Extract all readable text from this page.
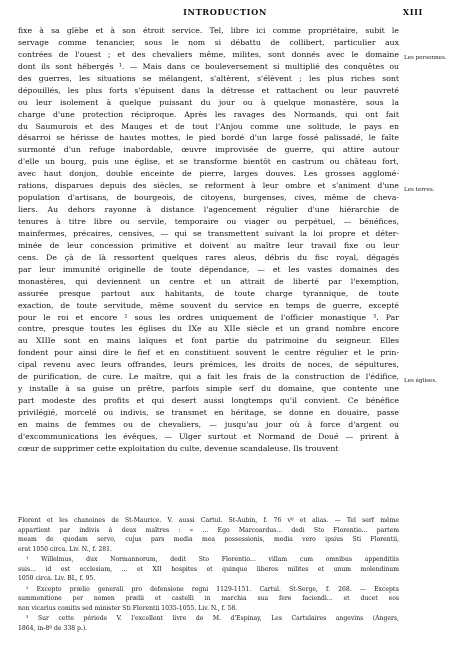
INTRODUCTION	XIII
fixe à sa glèbe et à son étroit service. Tel, libre ici comme propriétaire, subit le
servage comme tenancier, sous le nom si débattu de collibert, particulier aux
contrées de l'ouest ; et des chevaliers même, milites, sont donnés avec le domaine
dont ils sont hébergés ¹. — Mais dans ce bouleversement si multiplié des conquêtes ou
des guerres, les situations se mélangent, s'altèrent, s'élèvent ; les plus riches sont
dépouillés, les plus forts s'épuisent dans la détresse et rattachent ou leur pauvreté
ou leur isolement à quelque puissant du jour ou à quelque monastère, sous la
charge d'une protection réciproque. Après les ravages des Normands, qui ont fait
du Saumurois et des Mauges et de tout l'Anjou comme une solitude, le pays en
désarroi se hérisse de hautes mottes, le pied bordé d'un large fossé palissadé, le faîte
surmonté d'un refuge inabordable, œuvre improvisée de guerre, qui attire autour
d'elle un bourg, puis une église, et se transforme bientôt en castrum ou château fort,
avec haut donjon, double enceinte de pierre, larges douves. Les grosses agglomé-
rations, disparues depuis des siècles, se reforment à leur ombre et s'animent d'une
population d'artisans, de bourgeois, de citoyens, burgenses, cives, même de cheva-
liers. Au dehors rayonne à distance l'agencement régulier d'une hiérarchie de
tenures à titre libre ou servile, temporaire ou viager ou perpétuel, — bénéfices,
mainfermes, précaires, censives, — qui se transmettent suivant la loi propre et déter-
minée de leur concession primitive et doivent au maître leur travail fixe ou leur
cens. De çà de là ressortent quelques rares aleus, débris du fisc royal, dégagés
par leur immunité originelle de toute dépendance, — et les vastes domaines des
monastères, qui deviennent un centre et un attrait de liberté par l'exemption,
assurée presque partout aux habitants, de toute charge tyrannique, de toute
exaction, de toute servitude, même souvent du service en temps de guerre, excepté
pour le roi et encore ² sous les ordres uniquement de l'officier monastique ³. Par
contre, presque toutes les églises du IXe au XIIe siècle et un grand nombre encore
au XIIIe sont en mains laïques et font partie du patrimoine du seigneur. Elles
fondent pour ainsi dire le fief et en constituent souvent le centre régulier et le prin-
cipal revenu avec leurs offrandes, leurs prémices, les droits de noces, de sépultures,
de purification, de cure. Le maître, qui a fait les frais de la construction de l'édifice,
y installe à sa guise un prêtre, parfois simple serf du domaine, que contente une
part modeste des profits et qui desert aussi longtemps qu'il convient. Ce bénéfice
privilégié, morcelé ou indivis, se transmet en héritage, se donne en douaire, passe
en mains de femmes ou de chevaliers, — jusqu'au jour où à force d'argent ou
d'excommunications les évêques, — Ulger surtout et Normand de Doué — prirent à
cœur de supprimer cette exploitation du culte, devenue scandaleuse. Ils trouvent
Les personnes.
Les terres.
Les églises.
Florent et les chanoines de St-Maurice. V. aussi Cartul. St-Aubin, f. 76 vº et alias. — Tel serf même
appartient par indivis à deux maîtres : « ... Ego Marcoardus... dedi Sto Florentio... partem
meam de quodam servo, cujus pars media mea possessionis, media vero ipsius Sti Florentii,
erat 1050 circa. Liv. N., f. 281.
¹ Willelmus, dux Normannorum, dedit Sto Florentio... villam cum omnibus appenditiis
suis... id est ecclesiam, ... et XII hospites et quinque liberos milites et unum molendinum
1050 circa. Liv. BL, f. 95.
² Excepto prælio generali pro defensione regni 1129-1151. Cartul. St-Serge, f. 268. — Excepta
summonitione per nomen prælii et castelli in marchia sua fere faciendi... et ducet eos
non vicarius comitis sed minister Sti Florentii 1035-1055. Liv. N., f. 58.
³ Sur cette période V. l'excellent livre de M. d'Espinay, Les Cartulaires angevins (Angers,
1864, in-8º de 338 p.).
